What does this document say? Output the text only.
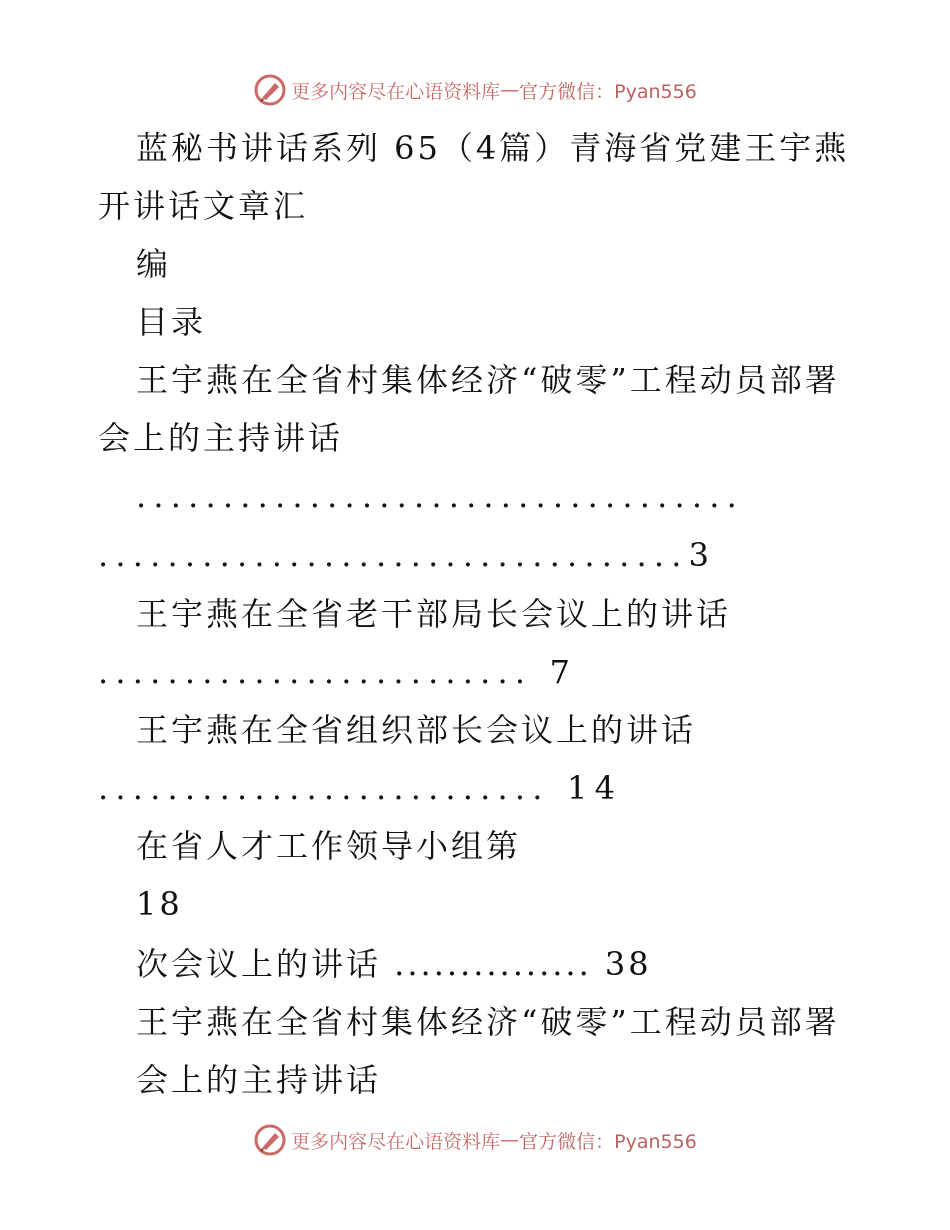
更多内容尽在心语资料库 — 官方微信：Pyan556
蓝秘书讲话系列 65（4篇）青海省党建王宇燕
开讲话文章汇
编
目录
王宇燕在全省村集体经济“破零”工程动员部署
会上的主持讲话
...................................
..................................3
王宇燕在全省老干部局长会议上的讲话
......................... 7
王宇燕在全省组织部长会议上的讲话
.......................... 14
在省人才工作领导小组第
18
次会议上的讲话 ............... 38
王宇燕在全省村集体经济“破零”工程动员部署
会上的主持讲话
更多内容尽在心语资料库 — 官方微信：Pyan556
